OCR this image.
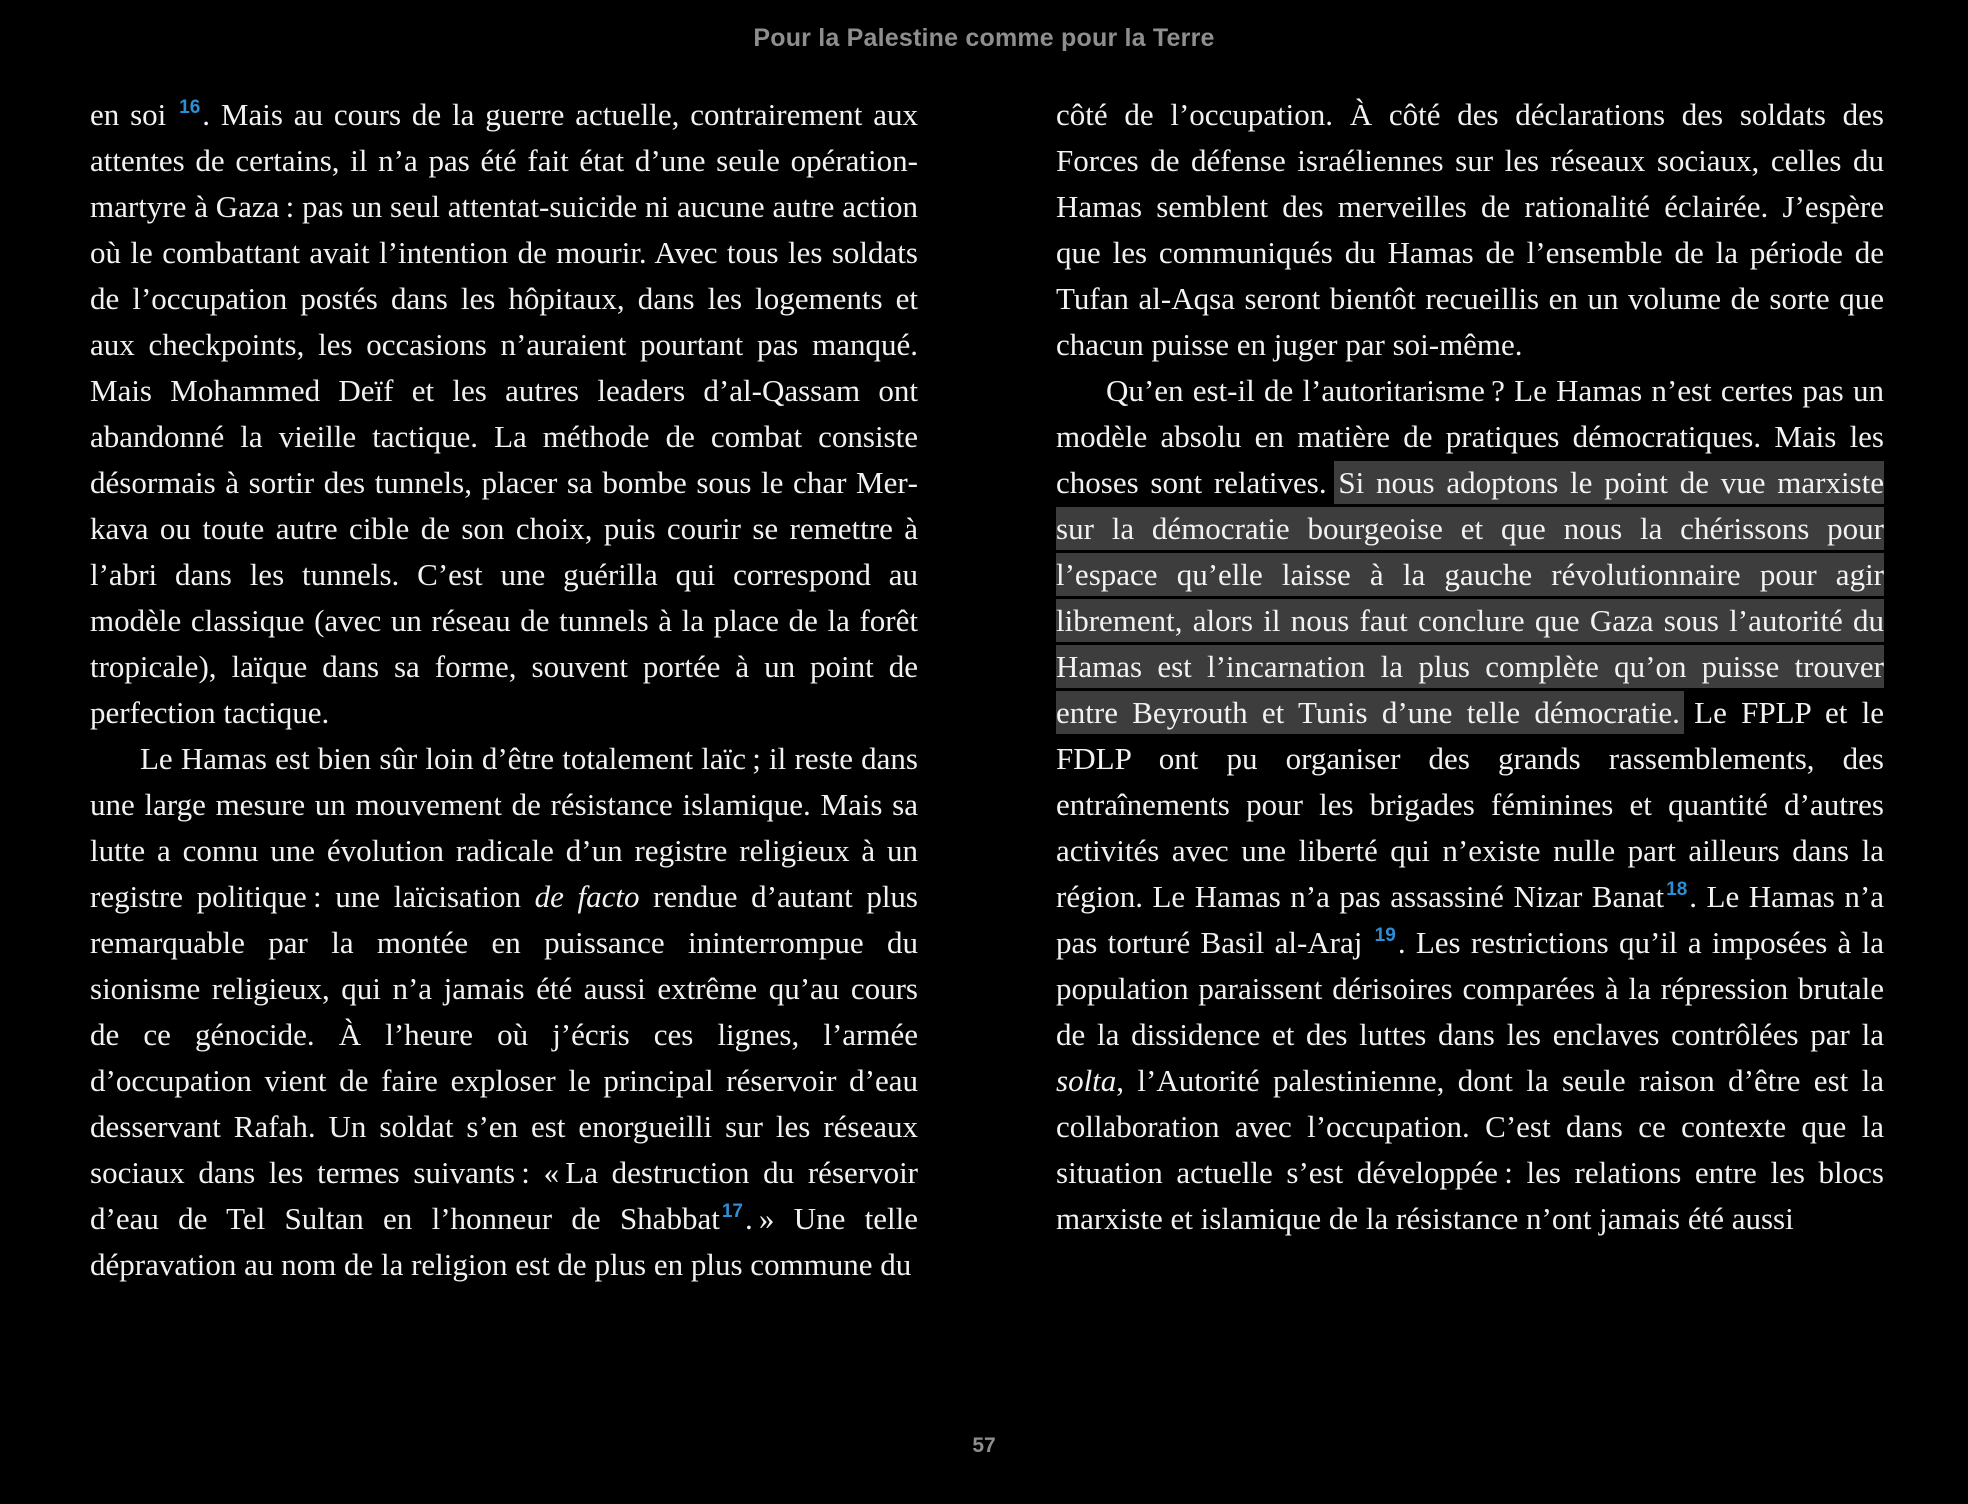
Pour la Palestine comme pour la Terre

en soi $^{16}$. Mais au cours de la guerre actuelle, contrairement aux attentes de certains, il n’a pas été fait état d’une seule opération-martyre à Gaza : pas un seul attentat-suicide ni aucune autre action où le combattant avait l’intention de mourir. Avec tous les soldats de l’occupation postés dans les hôpitaux, dans les logements et aux checkpoints, les occasions n’auraient pourtant pas manqué. Mais Mohammed Deïf et les autres leaders d’al-Qassam ont abandonné la vieille tactique. La méthode de combat consiste désormais à sortir des tunnels, placer sa bombe sous le char Merkava ou toute autre cible de son choix, puis courir se remettre à l’abri dans les tunnels. C’est une guérilla qui correspond au modèle classique (avec un réseau de tunnels à la place de la forêt tropicale), laïque dans sa forme, souvent portée à un point de perfection tactique.

Le Hamas est bien sûr loin d’être totalement laïc ; il reste dans une large mesure un mouvement de résistance islamique. Mais sa lutte a connu une évolution radicale d’un registre religieux à un registre politique : une laïcisation de facto rendue d’autant plus remarquable par la montée en puissance ininterrompue du sionisme religieux, qui n’a jamais été aussi extrême qu’au cours de ce génocide. À l’heure où j’écris ces lignes, l’armée d’occupation vient de faire exploser le principal réservoir d’eau desservant Rafah. Un soldat s’en est enorgueilli sur les réseaux sociaux dans les termes suivants : « La destruction du réservoir d’eau de Tel Sultan en l’honneur de Shabbat $^{17}$. » Une telle dépravation au nom de la religion est de plus en plus commune du

côté de l’occupation. À côté des déclarations des soldats des Forces de défense israéliennes sur les réseaux sociaux, celles du Hamas semblent des merveilles de rationalité éclairée. J’espère que les communiqués du Hamas de l’ensemble de la période de Tufan al-Aqsa seront bientôt recueillis en un volume de sorte que chacun puisse en juger par soi-même.

Qu’en est-il de l’autoritarisme ? Le Hamas n’est certes pas un modèle absolu en matière de pratiques démocratiques. Mais les choses sont relatives. Si nous adoptons le point de vue marxiste sur la démocratie bourgeoise et que nous la chérissons pour l’espace qu’elle laisse à la gauche révolutionnaire pour agir librement, alors il nous faut conclure que Gaza sous l’autorité du Hamas est l’incarnation la plus complète qu’on puisse trouver entre Beyrouth et Tunis d’une telle démocratie. Le FPLP et le FDLP ont pu organiser des grands rassemblements, des entraînements pour les brigades féminines et quantité d’autres activités avec une liberté qui n’existe nulle part ailleurs dans la région. Le Hamas n’a pas assassiné Nizar Banat $^{18}$. Le Hamas n’a pas torturé Basil al-Araj $^{19}$. Les restrictions qu’il a imposées à la population paraissent dérisoires comparées à la répression brutale de la dissidence et des luttes dans les enclaves contrôlées par la solta, l’Autorité palestinienne, dont la seule raison d’être est la collaboration avec l’occupation. C’est dans ce contexte que la situation actuelle s’est développée : les relations entre les blocs marxiste et islamique de la résistance n’ont jamais été aussi

57
